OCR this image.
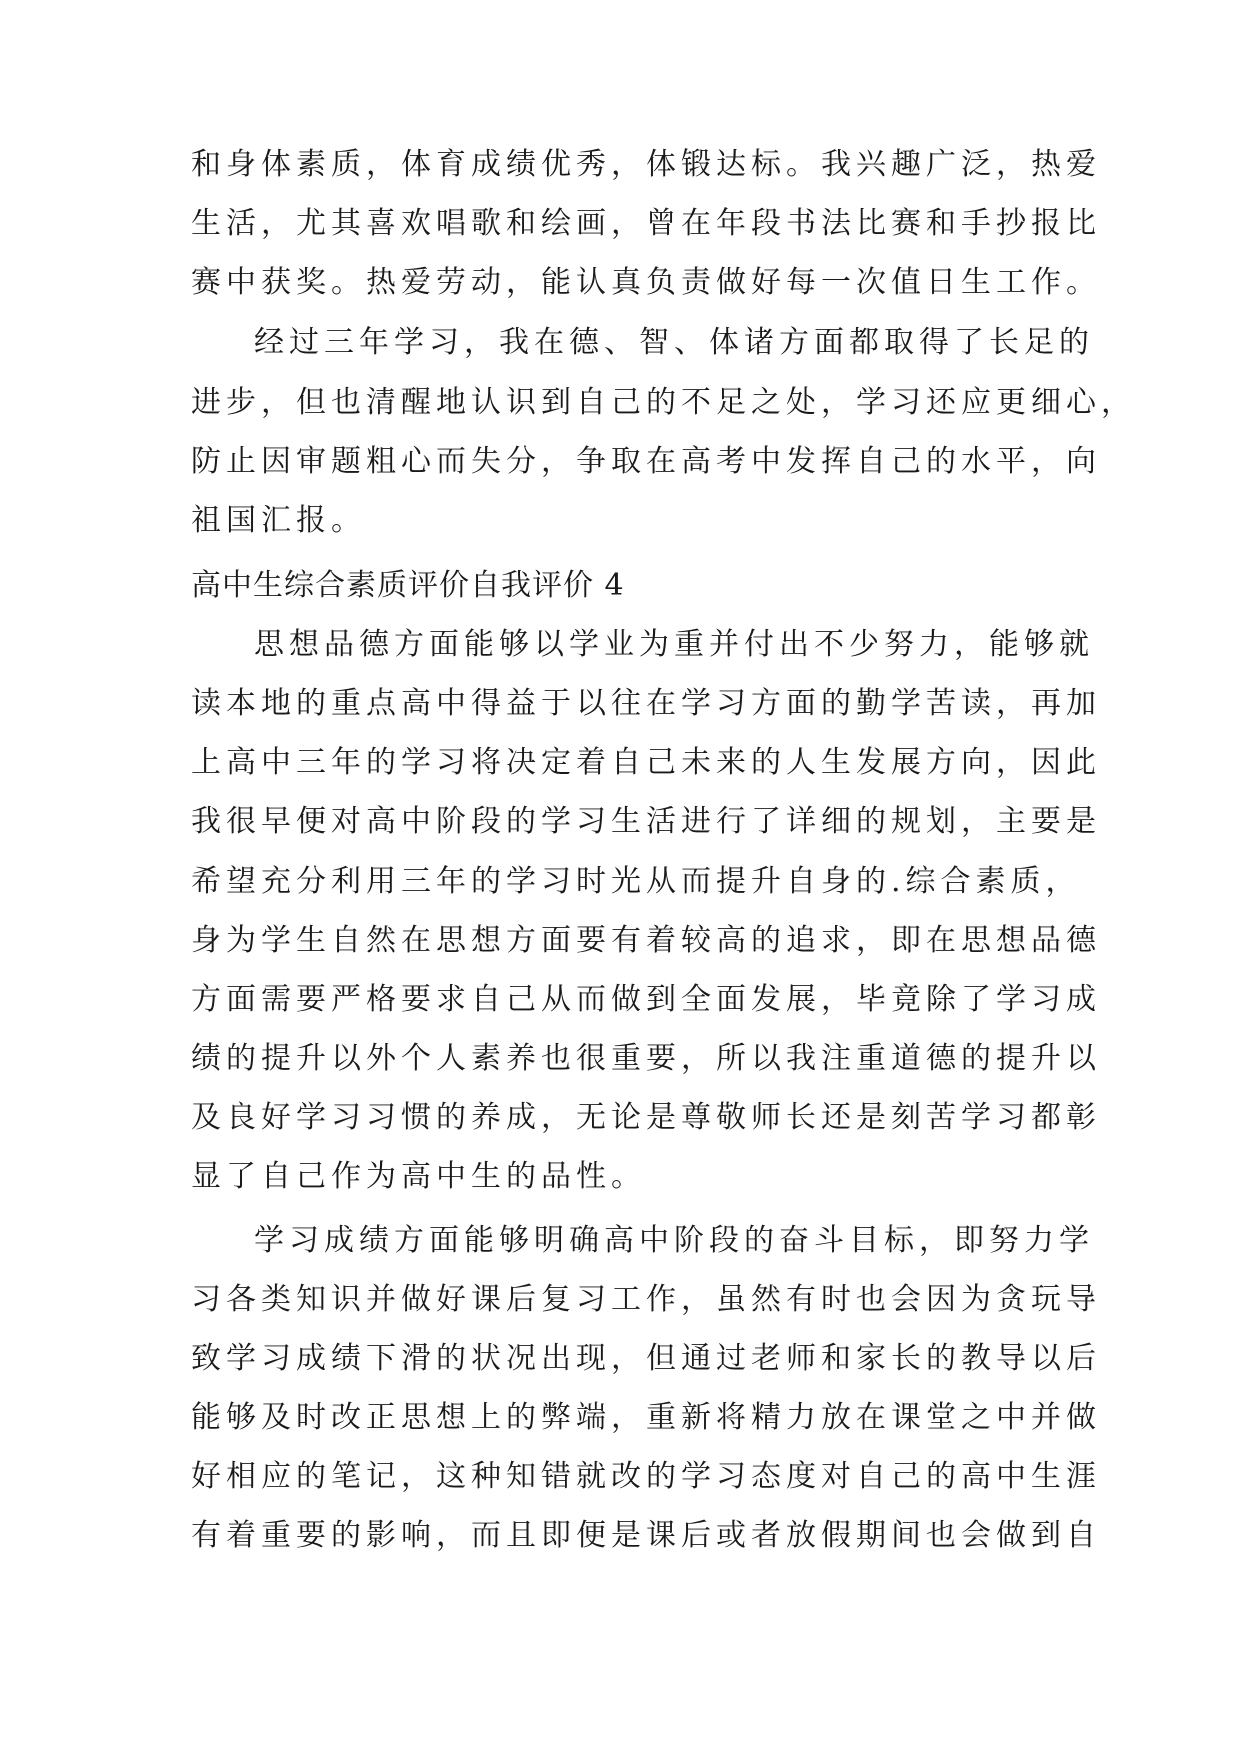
和身体素质，体育成绩优秀，体锻达标。我兴趣广泛，热爱
生活，尤其喜欢唱歌和绘画，曾在年段书法比赛和手抄报比
赛中获奖。热爱劳动，能认真负责做好每一次值日生工作。
经过三年学习，我在德、智、体诸方面都取得了长足的
进步，但也清醒地认识到自己的不足之处，学习还应更细心，
防止因审题粗心而失分，争取在高考中发挥自己的水平，向
祖国汇报。
高中生综合素质评价自我评价 4
思想品德方面能够以学业为重并付出不少努力，能够就
读本地的重点高中得益于以往在学习方面的勤学苦读，再加
上高中三年的学习将决定着自己未来的人生发展方向，因此
我很早便对高中阶段的学习生活进行了详细的规划，主要是
希望充分利用三年的学习时光从而提升自身的.综合素质，
身为学生自然在思想方面要有着较高的追求，即在思想品德
方面需要严格要求自己从而做到全面发展，毕竟除了学习成
绩的提升以外个人素养也很重要，所以我注重道德的提升以
及良好学习习惯的养成，无论是尊敬师长还是刻苦学习都彰
显了自己作为高中生的品性。
学习成绩方面能够明确高中阶段的奋斗目标，即努力学
习各类知识并做好课后复习工作，虽然有时也会因为贪玩导
致学习成绩下滑的状况出现，但通过老师和家长的教导以后
能够及时改正思想上的弊端，重新将精力放在课堂之中并做
好相应的笔记，这种知错就改的学习态度对自己的高中生涯
有着重要的影响，而且即便是课后或者放假期间也会做到自
